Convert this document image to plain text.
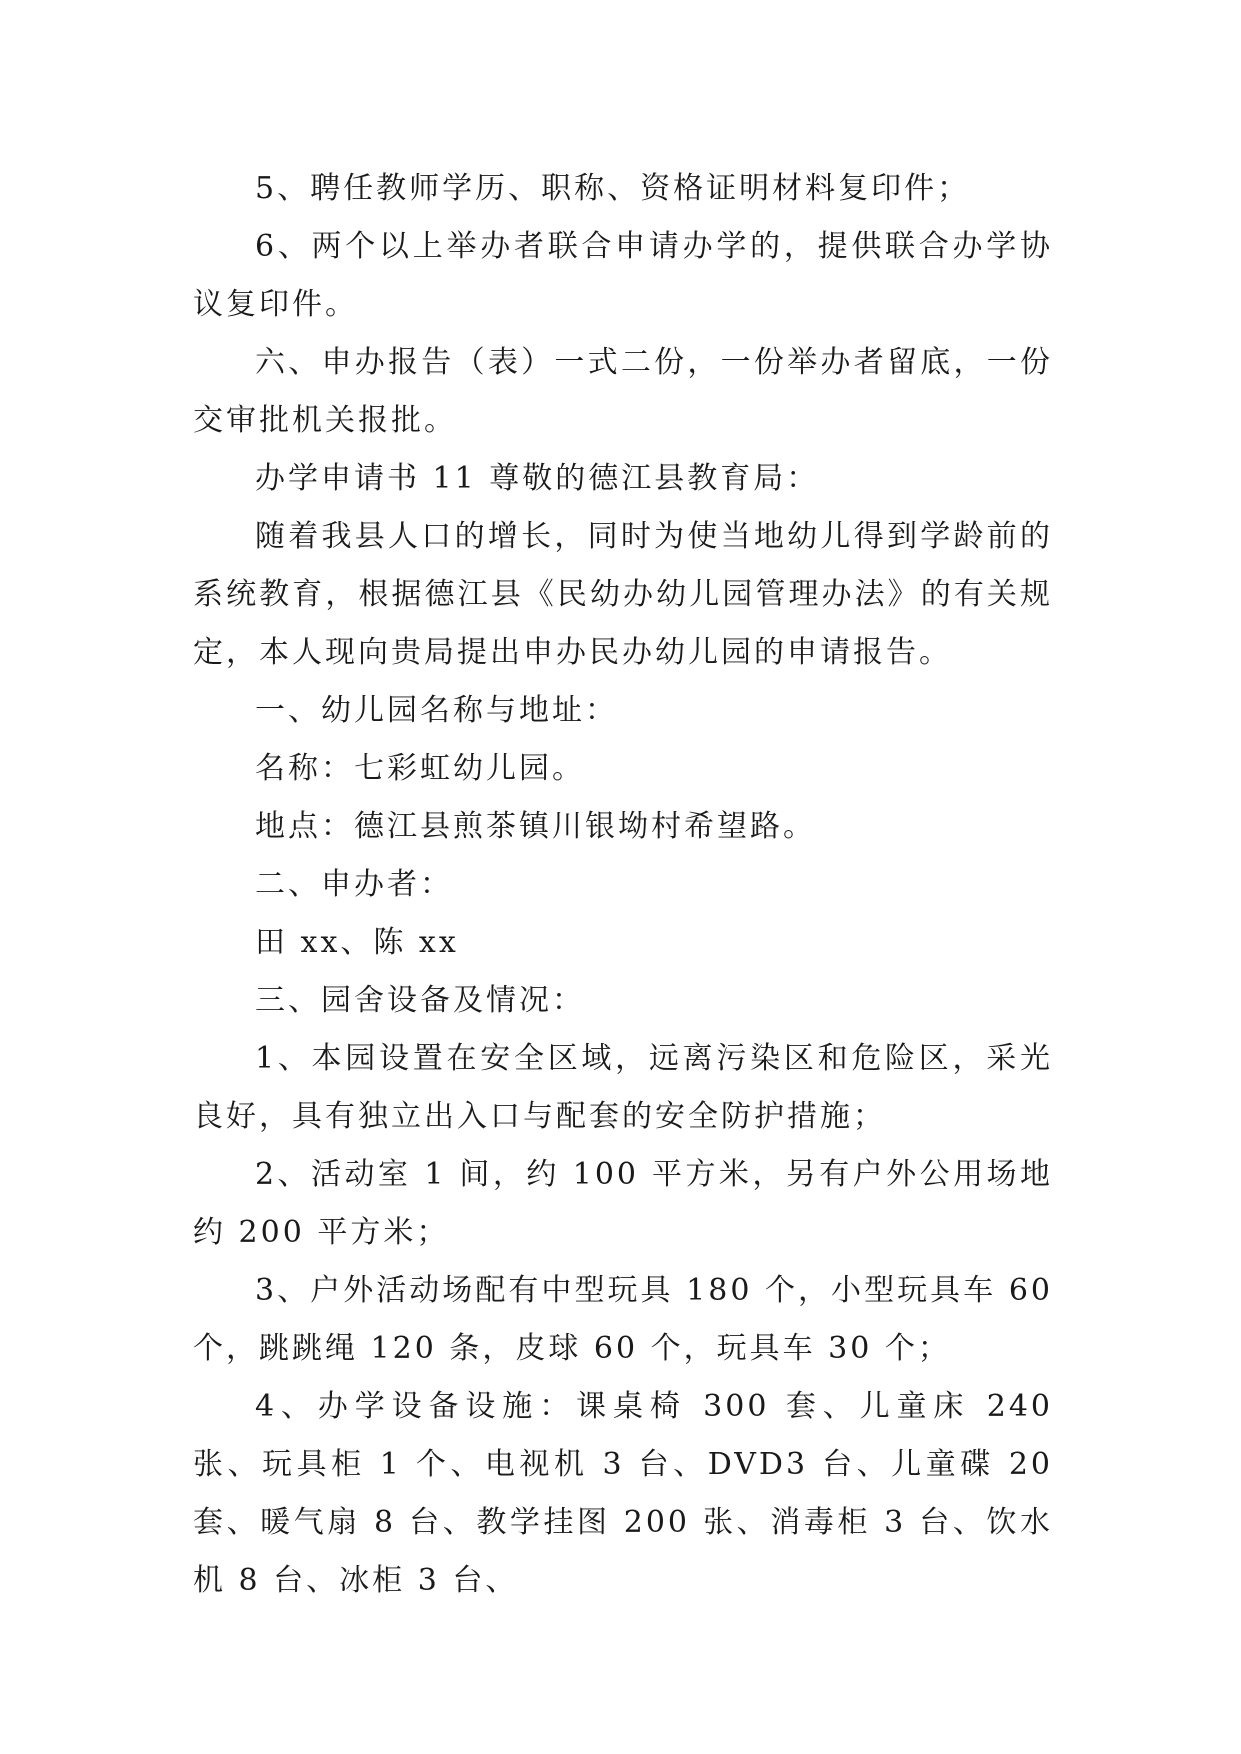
5、聘任教师学历、职称、资格证明材料复印件；

6、两个以上举办者联合申请办学的，提供联合办学协议复印件。

六、申办报告（表）一式二份，一份举办者留底，一份交审批机关报批。

办学申请书 11 尊敬的德江县教育局：

随着我县人口的增长，同时为使当地幼儿得到学龄前的系统教育，根据德江县《民幼办幼儿园管理办法》的有关规定，本人现向贵局提出申办民办幼儿园的申请报告。

一、幼儿园名称与地址：

名称：七彩虹幼儿园。

地点：德江县煎茶镇川银坳村希望路。

二、申办者：

田 xx、陈 xx

三、园舍设备及情况：

1、本园设置在安全区域，远离污染区和危险区，采光良好，具有独立出入口与配套的安全防护措施；

2、活动室 1 间，约 100 平方米，另有户外公用场地约 200 平方米；

3、户外活动场配有中型玩具 180 个，小型玩具车 60 个，跳跳绳 120 条，皮球 60 个，玩具车 30 个；

4、办学设备设施：课桌椅 300 套、儿童床 240 张、玩具柜 1 个、电视机 3 台、DVD3 台、儿童碟 20 套、暖气扇 8 台、教学挂图 200 张、消毒柜 3 台、饮水机 8 台、冰柜 3 台、
